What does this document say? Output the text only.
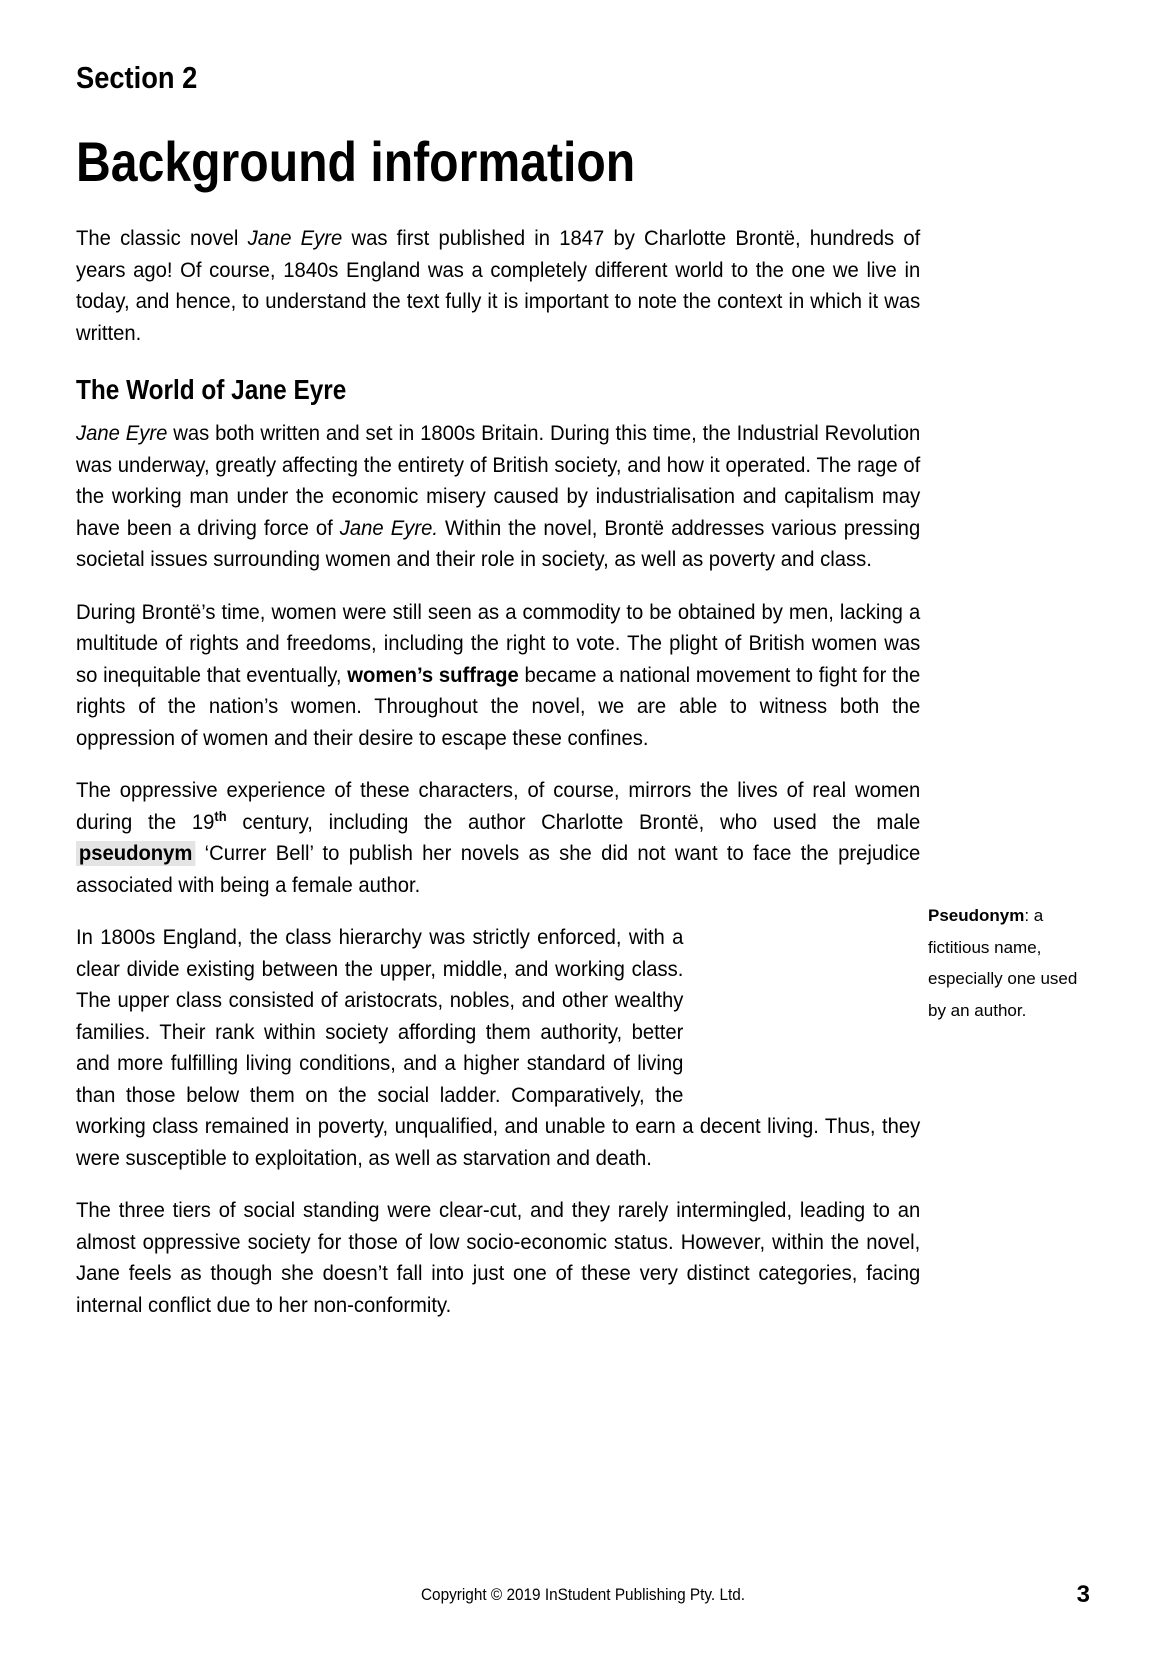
Section 2
Background information

The classic novel Jane Eyre was first published in 1847 by Charlotte Brontë, hundreds of years ago! Of course, 1840s England was a completely different world to the one we live in today, and hence, to understand the text fully it is important to note the context in which it was written.

The World of Jane Eyre

Jane Eyre was both written and set in 1800s Britain. During this time, the Industrial Revolution was underway, greatly affecting the entirety of British society, and how it operated. The rage of the working man under the economic misery caused by industrialisation and capitalism may have been a driving force of Jane Eyre. Within the novel, Brontë addresses various pressing societal issues surrounding women and their role in society, as well as poverty and class.

During Brontë’s time, women were still seen as a commodity to be obtained by men, lacking a multitude of rights and freedoms, including the right to vote. The plight of British women was so inequitable that eventually, women’s suffrage became a national movement to fight for the rights of the nation’s women. Throughout the novel, we are able to witness both the oppression of women and their desire to escape these confines.

The oppressive experience of these characters, of course, mirrors the lives of real women during the 19th century, including the author Charlotte Brontë, who used the male pseudonym ‘Currer Bell’ to publish her novels as she did not want to face the prejudice associated with being a female author.

In 1800s England, the class hierarchy was strictly enforced, with a clear divide existing between the upper, middle, and working class. The upper class consisted of aristocrats, nobles, and other wealthy families. Their rank within society affording them authority, better and more fulfilling living conditions, and a higher standard of living than those below them on the social ladder. Comparatively, the working class remained in poverty, unqualified, and unable to earn a decent living. Thus, they were susceptible to exploitation, as well as starvation and death.

The three tiers of social standing were clear-cut, and they rarely intermingled, leading to an almost oppressive society for those of low socio-economic status. However, within the novel, Jane feels as though she doesn’t fall into just one of these very distinct categories, facing internal conflict due to her non-conformity.

Pseudonym: a fictitious name, especially one used by an author.
Copyright © 2019 InStudent Publishing Pty. Ltd.	3
